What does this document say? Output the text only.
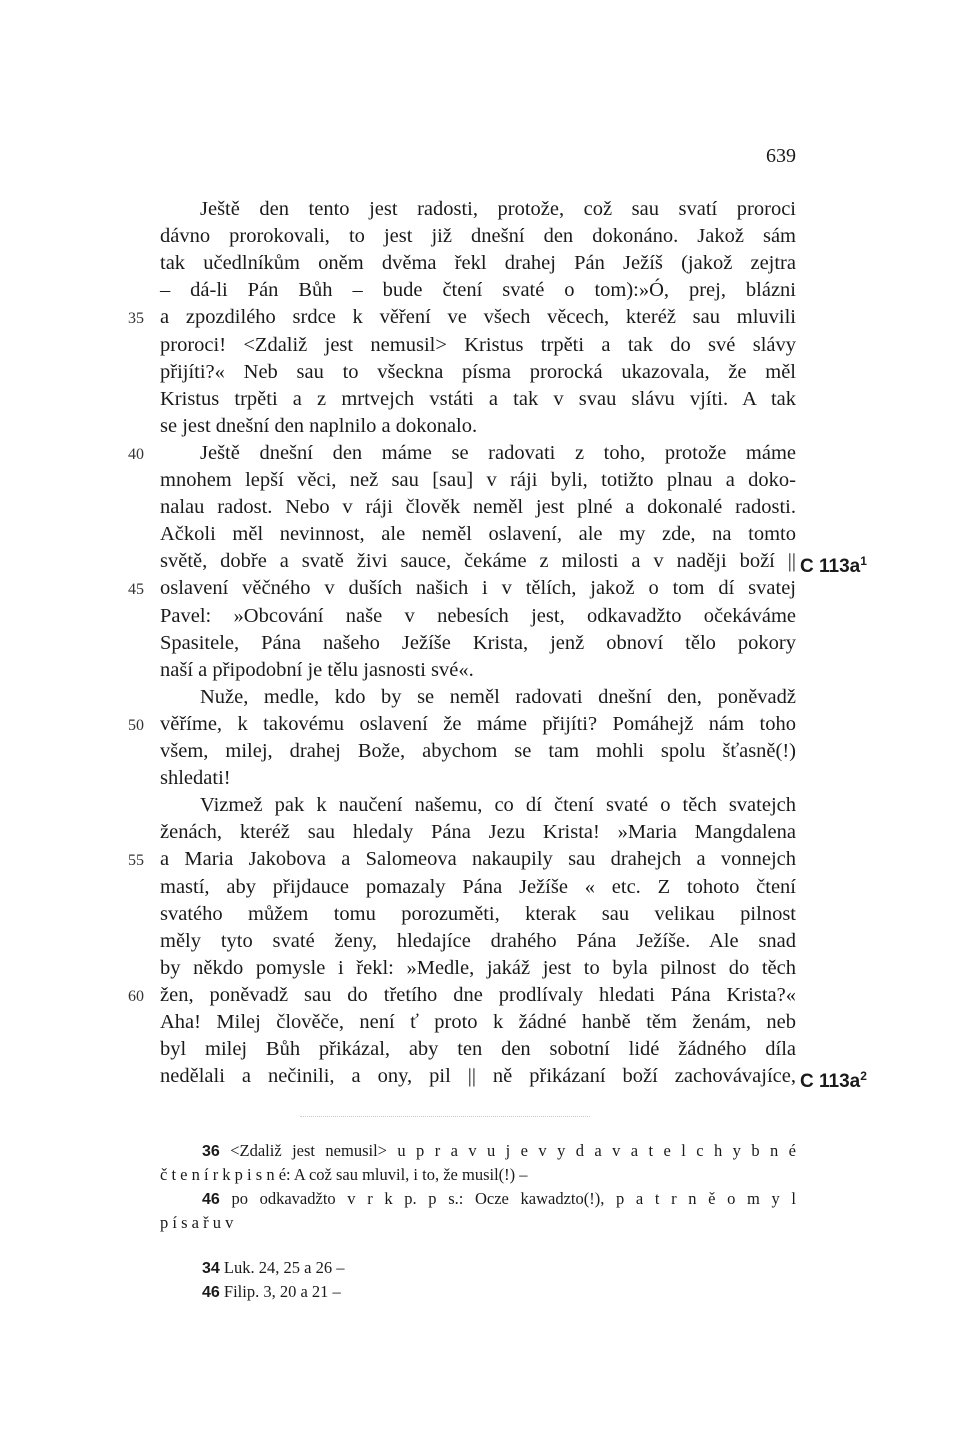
639
Ještě den tento jest radosti, protože, což sau svatí proroci
dávno prorokovali, to jest již dnešní den dokonáno. Jakož sám
tak učedlníkům oněm dvěma řekl drahej Pán Ježíš (jakož zejtra
– dá-li Pán Bůh – bude čtení svaté o tom):»Ó, prej, blázni
a zpozdilého srdce k věření ve všech věcech, kteréž sau mluvili
35
proroci! <Zdaliž jest nemusil> Kristus trpěti a tak do své slávy
přijíti?« Neb sau to všeckna písma prorocká ukazovala, že měl
Kristus trpěti a z mrtvejch vstáti a tak v svau slávu vjíti. A tak
se jest dnešní den naplnilo a dokonalo.
Ještě dnešní den máme se radovati z toho, protože máme
40
mnohem lepší věci, než sau [sau] v ráji byli, totižto plnau a doko-
nalau radost. Nebo v ráji člověk neměl jest plné a dokonalé radosti.
Ačkoli měl nevinnost, ale neměl oslavení, ale my zde, na tomto
světě, dobře a svatě živi sauce, čekáme z milosti a v naději boží || C $113a^1$
oslavení věčného v duších našich i v tělích, jakož o tom dí svatej
45
Pavel: »Obcování naše v nebesích jest, odkavadžto očekáváme
Spasitele, Pána našeho Ježíše Krista, jenž obnoví tělo pokory
naší a připodobní je tělu jasnosti své«.
Nuže, medle, kdo by se neměl radovati dnešní den, poněvadž
věříme, k takovému oslavení že máme přijíti? Pomáhejž nám toho
50
všem, milej, drahej Bože, abychom se tam mohli spolu šťasně(!)
shledati!
Vizmež pak k naučení našemu, co dí čtení svaté o těch svatejch
ženách, kteréž sau hledaly Pána Jezu Krista! »Maria Mangdalena
a Maria Jakobova a Salomeova nakaupily sau drahejch a vonnejch
55
mastí, aby přijdauce pomazaly Pána Ježíše « etc. Z tohoto čtení
svatého můžem tomu porozuměti, kterak sau velikau pilnost
měly tyto svaté ženy, hledajíce drahého Pána Ježíše. Ale snad
by někdo pomysle i řekl: »Medle, jakáž jest to byla pilnost do těch
žen, poněvadž sau do třetího dne prodlívaly hledati Pána Krista?«
60
Aha! Milej člověče, není ť proto k žádné hanbě těm ženám, neb
byl milej Bůh přikázal, aby ten den sobotní lidé žádného díla
nedělali a nečinili, a ony, pil || ně přikázaní boží zachovávajíce, C $113a^2$
36 <Zdaliž jest nemusil> u p r a v u j e v y d a v a t e l c h y b n é
č t e n í r k p i s n é: A což sau mluvil, i to, že musil(!) –
46 po odkavadžto v r k p. p s.: Ocze kawadzto(!), p a t r n ě o m y l
p í s a ř u v
34 Luk. 24, 25 a 26 –
46 Filip. 3, 20 a 21 –
